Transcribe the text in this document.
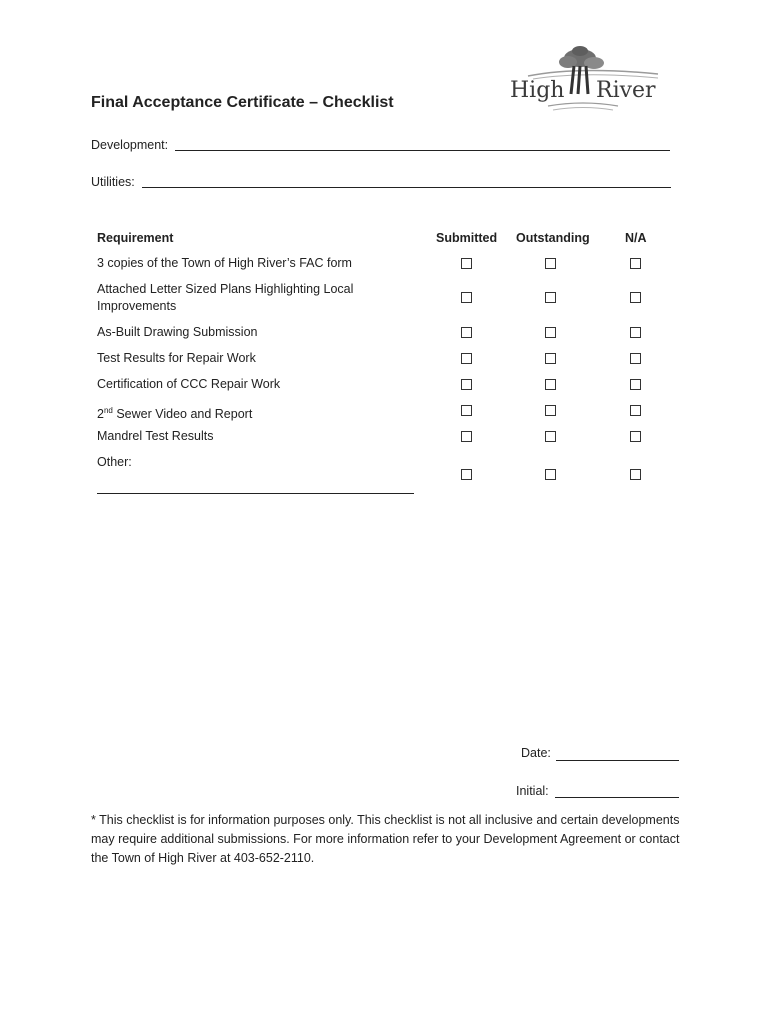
High River
Final Acceptance Certificate – Checklist
Development:
Utilities:
Requirement	Submitted Outstanding	N/A
3 copies of the Town of High River’s FAC form
Attached Letter Sized Plans Highlighting Local Improvements
As-Built Drawing Submission
Test Results for Repair Work
Certification of CCC Repair Work
2nd Sewer Video and Report
Mandrel Test Results
Other:
Date:
Initial:
* This checklist is for information purposes only. This checklist is not all inclusive and certain developments may require additional submissions. For more information refer to your Development Agreement or contact the Town of High River at 403-652-2110.
